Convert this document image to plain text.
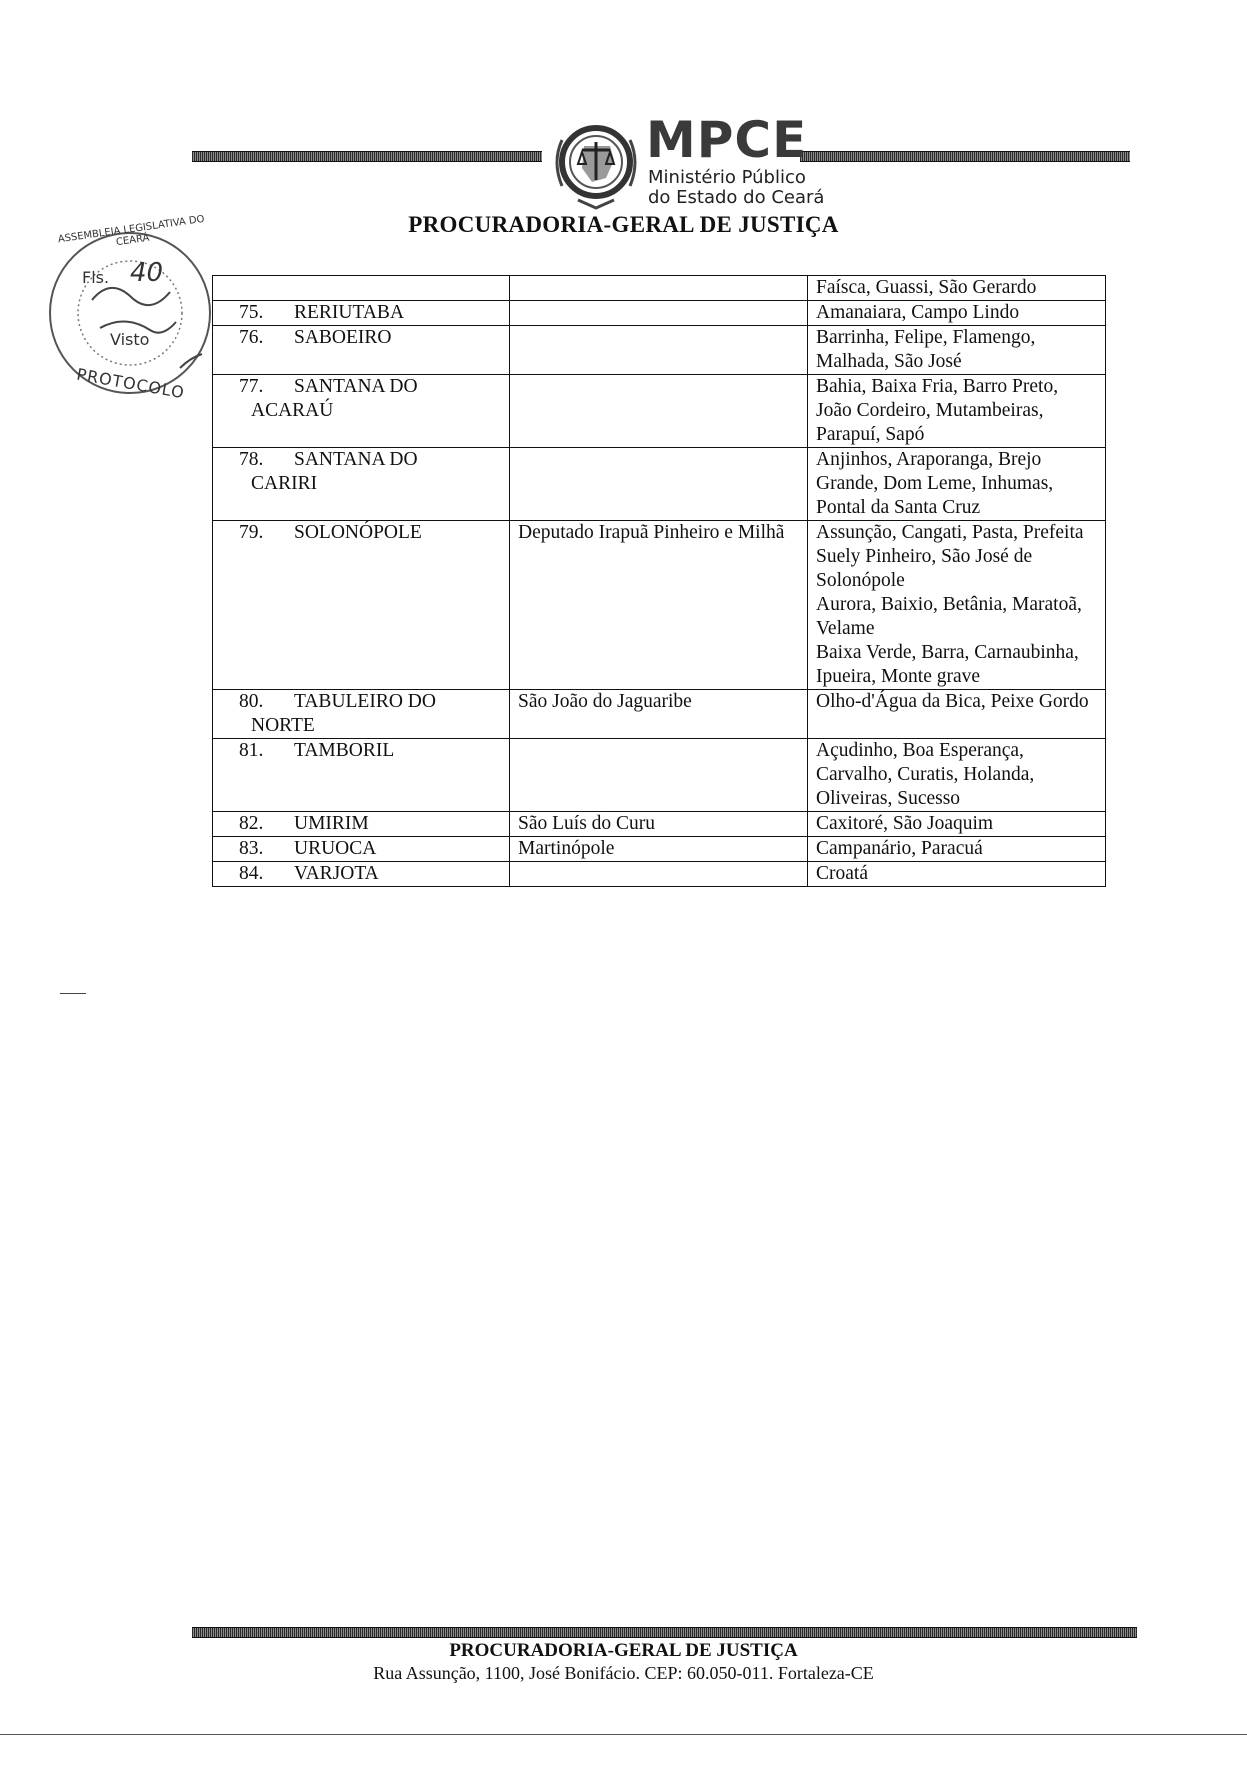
MPCE
Ministério Público
do Estado do Ceará
PROCURADORIA-GERAL DE JUSTIÇA
ASSEMBLEIA LEGISLATIVA DO CEARÁ
Fls. 40
Visto
PROTOCOLO
		Faísca, Guassi, São Gerardo
75. RERIUTABA		Amanaiara, Campo Lindo

76. SABOEIRO		Barrinha, Felipe, Flamengo, Malhada, São José

77. SANTANA DO
ACARAÚ		Bahia, Baixa Fria, Barro Preto, João Cordeiro, Mutambeiras, Parapuí, Sapó

78. SANTANA DO
CARIRI		Anjinhos, Araporanga, Brejo Grande, Dom Leme, Inhumas, Pontal da Santa Cruz

79. SOLONÓPOLE	Deputado Irapuã Pinheiro e Milhã	Assunção, Cangati, Pasta, Prefeita Suely Pinheiro, São José de Solonópole
Aurora, Baixio, Betânia, Maratoã, Velame
Baixa Verde, Barra, Carnaubinha, Ipueira, Monte grave

80. TABULEIRO DO
NORTE	São João do Jaguaribe	Olho-d'Água da Bica, Peixe Gordo

81. TAMBORIL		Açudinho, Boa Esperança, Carvalho, Curatis, Holanda, Oliveiras, Sucesso

82. UMIRIM	São Luís do Curu	Caxitoré, São Joaquim

83. URUOCA	Martinópole	Campanário, Paracuá

84. VARJOTA		Croatá
PROCURADORIA-GERAL DE JUSTIÇA
Rua Assunção, 1100, José Bonifácio. CEP: 60.050-011. Fortaleza-CE
